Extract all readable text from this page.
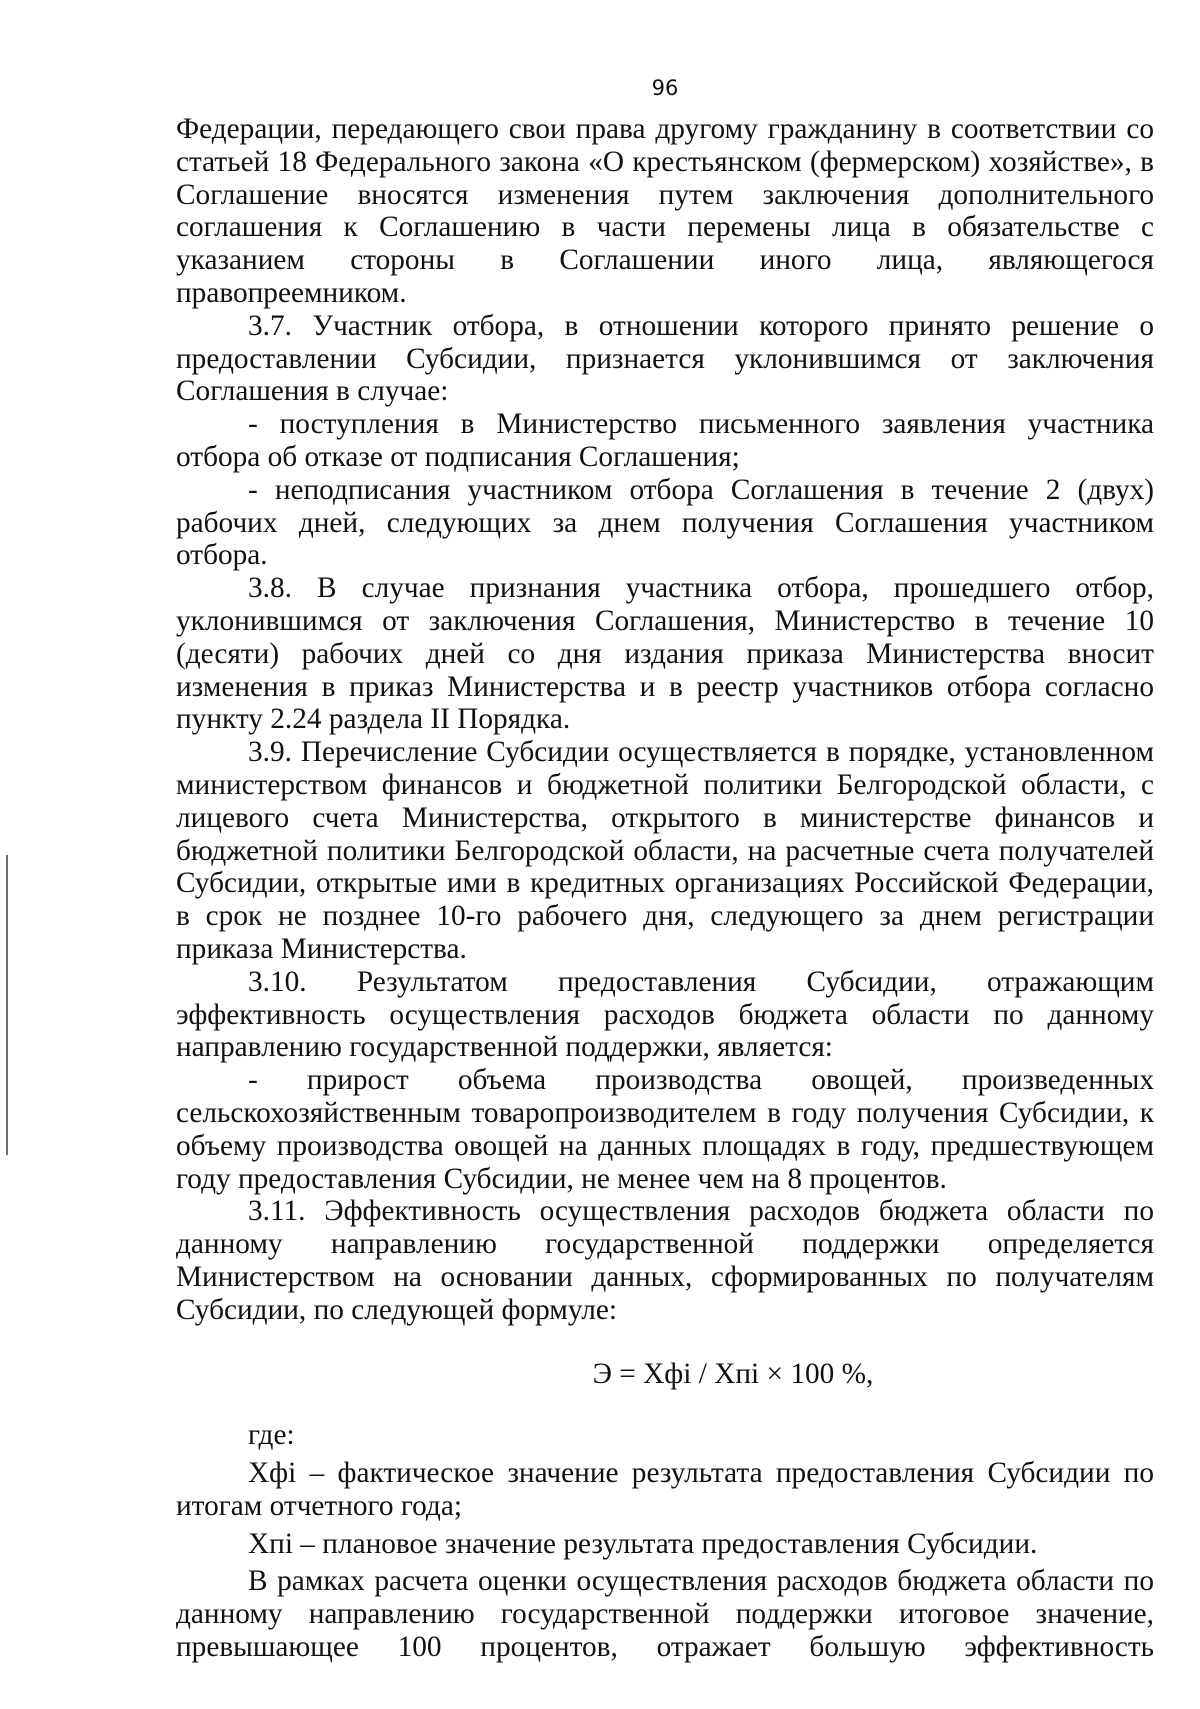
96

Федерации, передающего свои права другому гражданину в соответствии со статьей 18 Федерального закона «О крестьянском (фермерском) хозяйстве», в Соглашение вносятся изменения путем заключения дополнительного соглашения к Соглашению в части перемены лица в обязательстве с указанием стороны в Соглашении иного лица, являющегося правопреемником.

3.7. Участник отбора, в отношении которого принято решение о предоставлении Субсидии, признается уклонившимся от заключения Соглашения в случае:

- поступления в Министерство письменного заявления участника отбора об отказе от подписания Соглашения;

- неподписания участником отбора Соглашения в течение 2 (двух) рабочих дней, следующих за днем получения Соглашения участником отбора.

3.8. В случае признания участника отбора, прошедшего отбор, уклонившимся от заключения Соглашения, Министерство в течение 10 (десяти) рабочих дней со дня издания приказа Министерства вносит изменения в приказ Министерства и в реестр участников отбора согласно пункту 2.24 раздела II Порядка.

3.9. Перечисление Субсидии осуществляется в порядке, установленном министерством финансов и бюджетной политики Белгородской области, с лицевого счета Министерства, открытого в министерстве финансов и бюджетной политики Белгородской области, на расчетные счета получателей Субсидии, открытые ими в кредитных организациях Российской Федерации, в срок не позднее 10-го рабочего дня, следующего за днем регистрации приказа Министерства.

3.10. Результатом предоставления Субсидии, отражающим эффективность осуществления расходов бюджета области по данному направлению государственной поддержки, является:

- прирост объема производства овощей, произведенных сельскохозяйственным товаропроизводителем в году получения Субсидии, к объему производства овощей на данных площадях в году, предшествующем году предоставления Субсидии, не менее чем на 8 процентов.

3.11. Эффективность осуществления расходов бюджета области по данному направлению государственной поддержки определяется Министерством на основании данных, сформированных по получателям Субсидии, по следующей формуле:

Э = Хфi / Хпi × 100 %,

где:

Хфi – фактическое значение результата предоставления Субсидии по итогам отчетного года;

Хпi – плановое значение результата предоставления Субсидии.

В рамках расчета оценки осуществления расходов бюджета области по данному направлению государственной поддержки итоговое значение, превышающее 100 процентов, отражает большую эффективность
